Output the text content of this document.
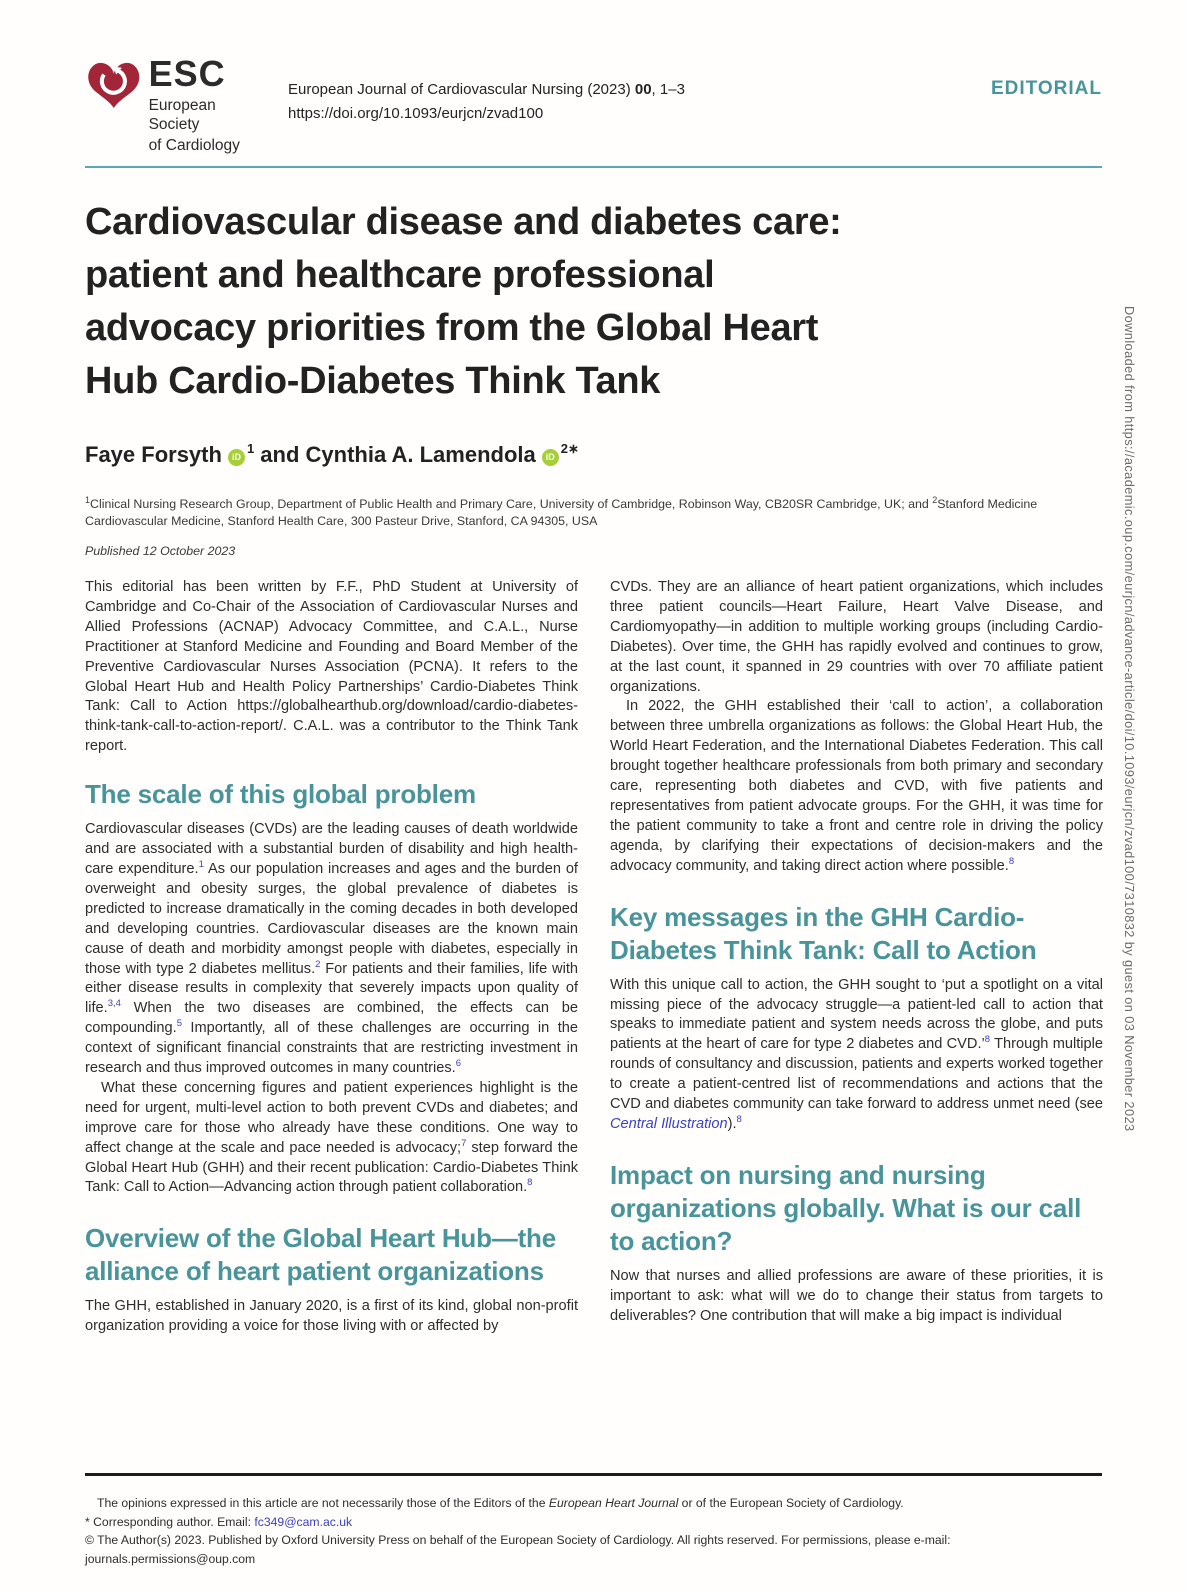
ESC
European Society
of Cardiology
European Journal of Cardiovascular Nursing (2023) 00, 1–3
https://doi.org/10.1093/eurjcn/zvad100
EDITORIAL
Cardiovascular disease and diabetes care:
patient and healthcare professional
advocacy priorities from the Global Heart
Hub Cardio-Diabetes Think Tank
Faye Forsyth $iD^1$ and Cynthia A. Lamendola $iD^{2∗}$
$^1$Clinical Nursing Research Group, Department of Public Health and Primary Care, University of Cambridge, Robinson Way, CB20SR Cambridge, UK; and $^2$Stanford Medicine Cardiovascular Medicine, Stanford Health Care, 300 Pasteur Drive, Stanford, CA 94305, USA
Published 12 October 2023

This editorial has been written by F.F., PhD Student at University of Cambridge and Co-Chair of the Association of Cardiovascular Nurses and Allied Professions (ACNAP) Advocacy Committee, and C.A.L., Nurse Practitioner at Stanford Medicine and Founding and Board Member of the Preventive Cardiovascular Nurses Association (PCNA). It refers to the Global Heart Hub and Health Policy Partnerships’ Cardio-Diabetes Think Tank: Call to Action https://globalhearthub.org/download/cardio-diabetes-think-tank-call-to-action-report/. C.A.L. was a contributor to the Think Tank report.

The scale of this global problem

Cardiovascular diseases (CVDs) are the leading causes of death worldwide and are associated with a substantial burden of disability and high health-care expenditure.$^1$ As our population increases and ages and the burden of overweight and obesity surges, the global prevalence of diabetes is predicted to increase dramatically in the coming decades in both developed and developing countries. Cardiovascular diseases are the known main cause of death and morbidity amongst people with diabetes, especially in those with type 2 diabetes mellitus.$^2$ For patients and their families, life with either disease results in complexity that severely impacts upon quality of life.$^{3,4}$ When the two diseases are combined, the effects can be compounding.$^5$ Importantly, all of these challenges are occurring in the context of significant financial constraints that are restricting investment in research and thus improved outcomes in many countries.$^6$

What these concerning figures and patient experiences highlight is the need for urgent, multi-level action to both prevent CVDs and diabetes; and improve care for those who already have these conditions. One way to affect change at the scale and pace needed is advocacy;$^7$ step forward the Global Heart Hub (GHH) and their recent publication: Cardio-Diabetes Think Tank: Call to Action—Advancing action through patient collaboration.$^8$

Overview of the Global Heart Hub—the alliance of heart patient organizations

The GHH, established in January 2020, is a first of its kind, global non-profit organization providing a voice for those living with or affected by

CVDs. They are an alliance of heart patient organizations, which includes three patient councils—Heart Failure, Heart Valve Disease, and Cardiomyopathy—in addition to multiple working groups (including Cardio-Diabetes). Over time, the GHH has rapidly evolved and continues to grow, at the last count, it spanned in 29 countries with over 70 affiliate patient organizations.

In 2022, the GHH established their ‘call to action’, a collaboration between three umbrella organizations as follows: the Global Heart Hub, the World Heart Federation, and the International Diabetes Federation. This call brought together healthcare professionals from both primary and secondary care, representing both diabetes and CVD, with five patients and representatives from patient advocate groups. For the GHH, it was time for the patient community to take a front and centre role in driving the policy agenda, by clarifying their expectations of decision-makers and the advocacy community, and taking direct action where possible.$^8$

Key messages in the GHH Cardio-Diabetes Think Tank: Call to Action

With this unique call to action, the GHH sought to ‘put a spotlight on a vital missing piece of the advocacy struggle—a patient-led call to action that speaks to immediate patient and system needs across the globe, and puts patients at the heart of care for type 2 diabetes and CVD.’$^8$ Through multiple rounds of consultancy and discussion, patients and experts worked together to create a patient-centred list of recommendations and actions that the CVD and diabetes community can take forward to address unmet need (see Central Illustration).$^8$

Impact on nursing and nursing organizations globally. What is our call to action?

Now that nurses and allied professions are aware of these priorities, it is important to ask: what will we do to change their status from targets to deliverables? One contribution that will make a big impact is individual

The opinions expressed in this article are not necessarily those of the Editors of the European Heart Journal or of the European Society of Cardiology.
* Corresponding author. Email: fc349@cam.ac.uk
© The Author(s) 2023. Published by Oxford University Press on behalf of the European Society of Cardiology. All rights reserved. For permissions, please e-mail: journals.permissions@oup.com
Downloaded from https://academic.oup.com/eurjcn/advance-article/doi/10.1093/eurjcn/zvad100/7310832 by guest on 03 November 2023
